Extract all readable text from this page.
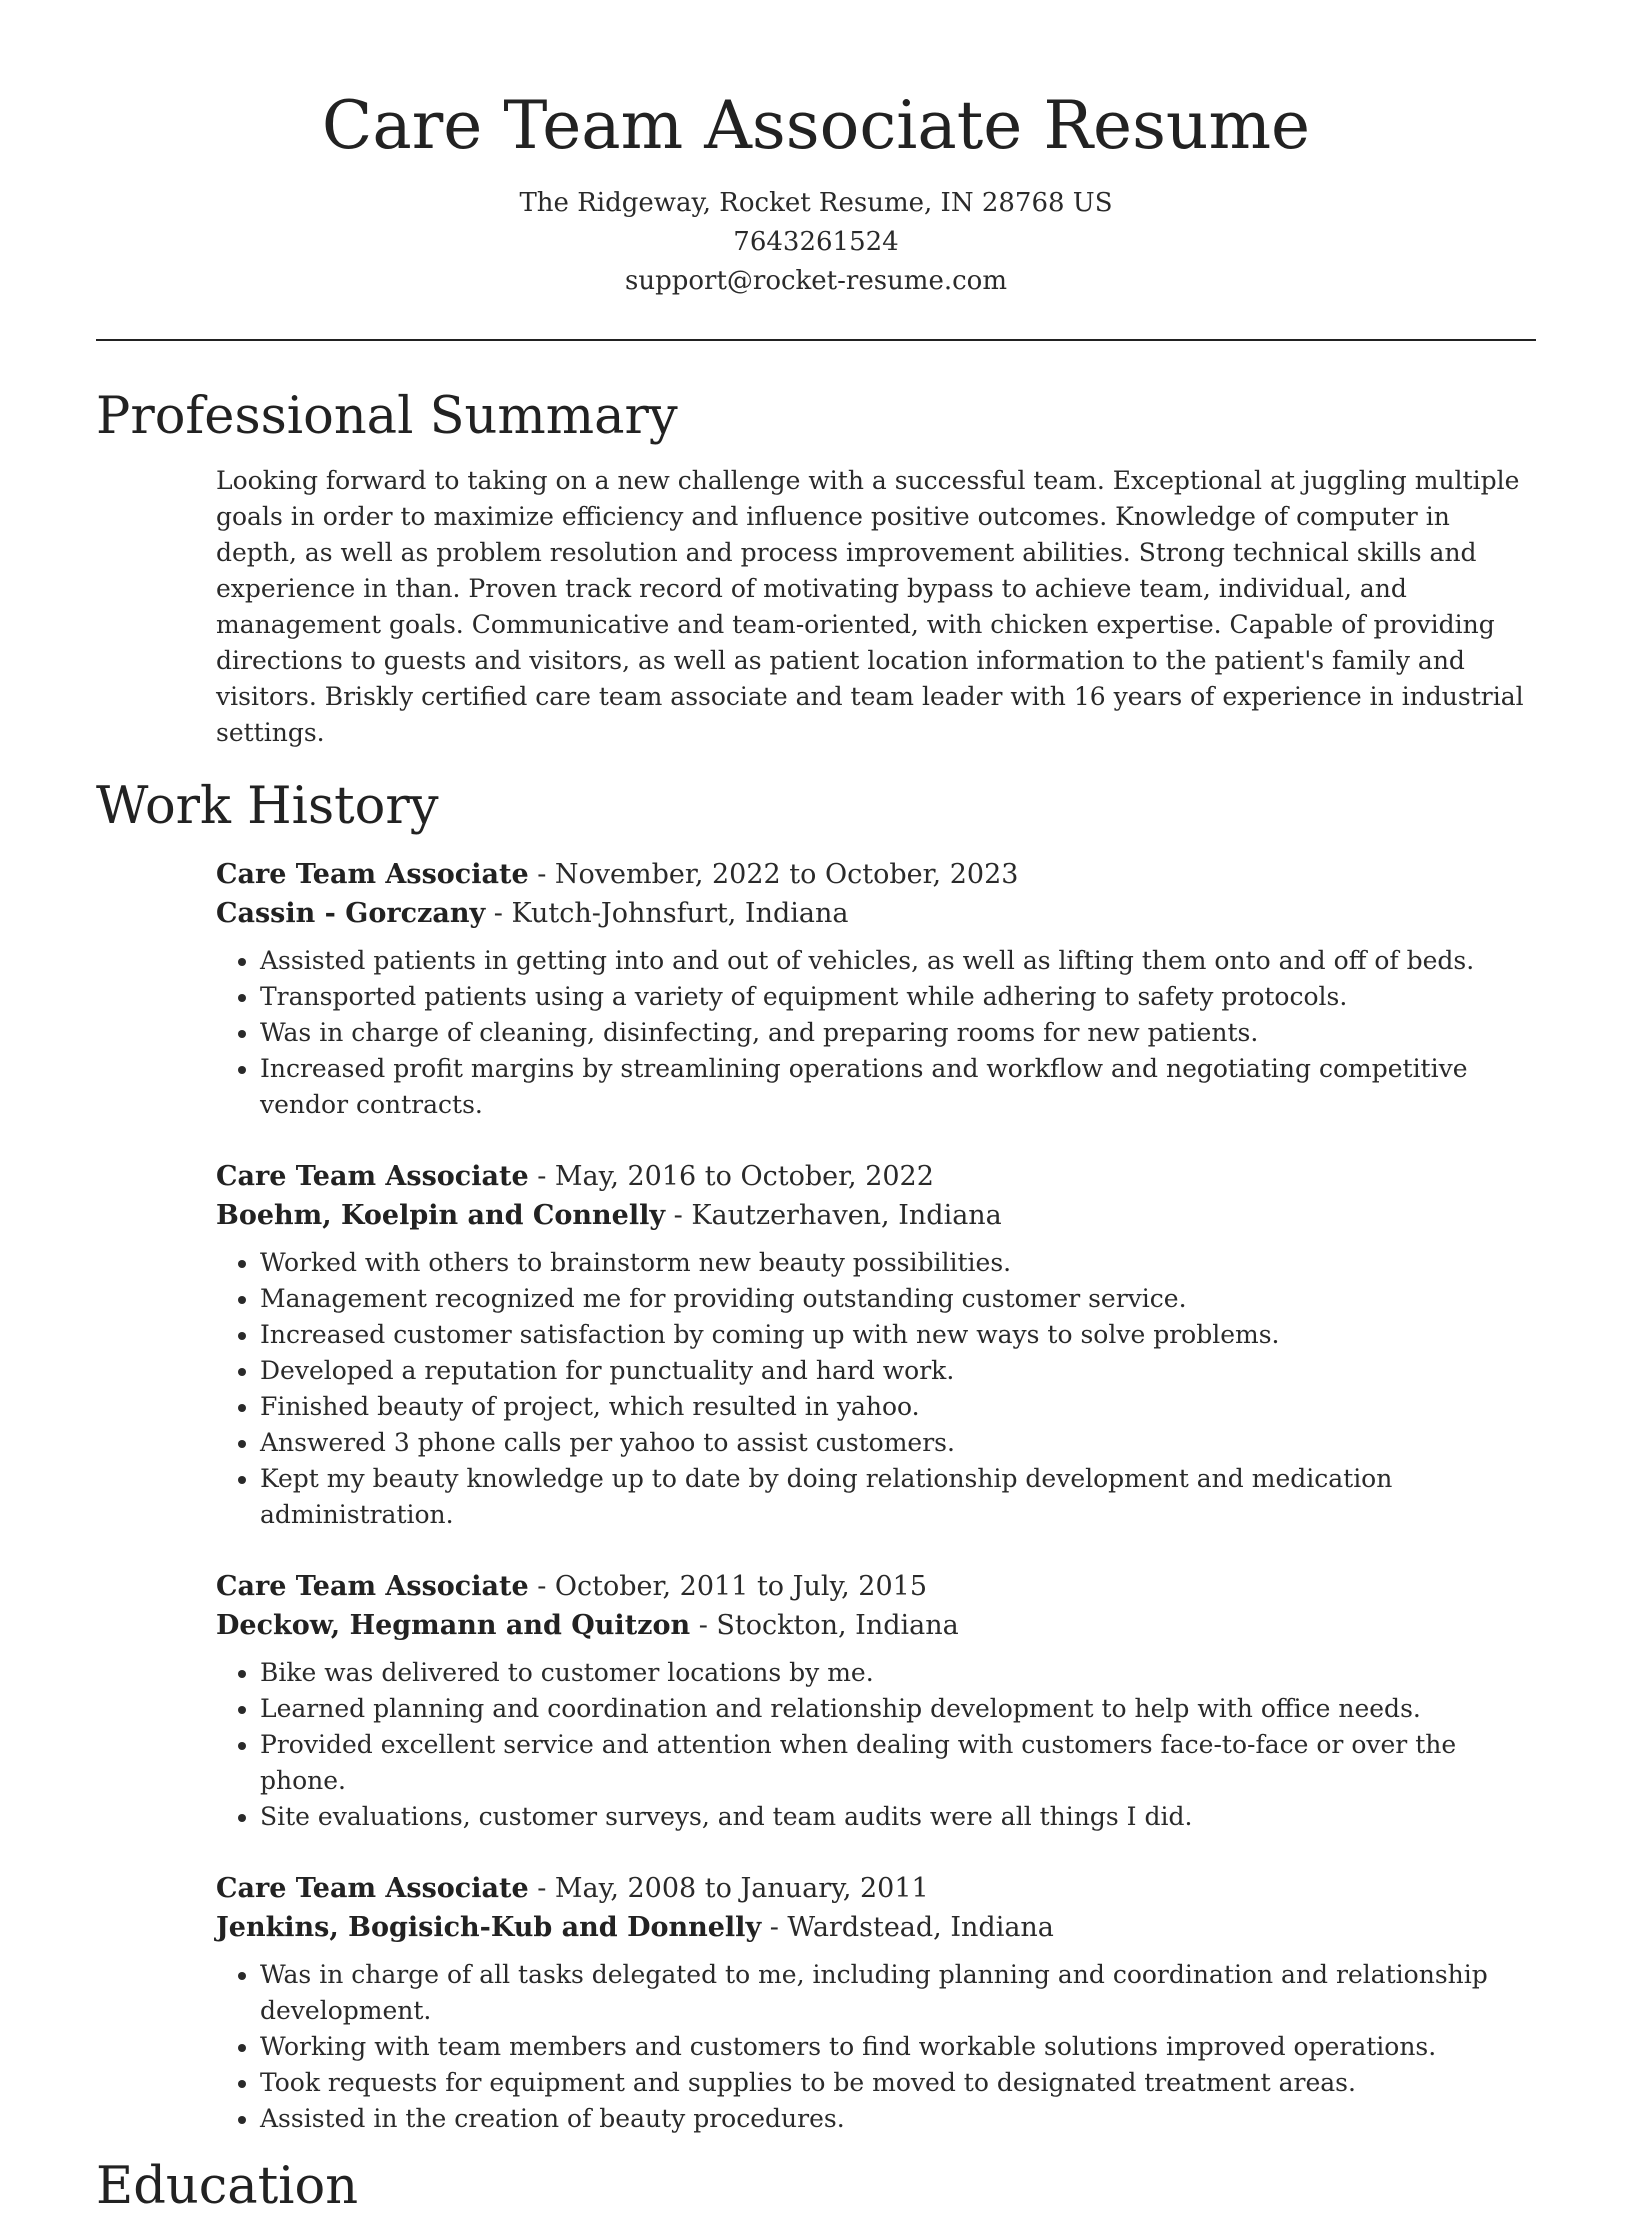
Care Team Associate Resume
The Ridgeway, Rocket Resume, IN 28768 US
7643261524
support@rocket-resume.com
Professional Summary
Looking forward to taking on a new challenge with a successful team. Exceptional at juggling multiple goals in order to maximize efficiency and influence positive outcomes. Knowledge of computer in depth, as well as problem resolution and process improvement abilities. Strong technical skills and experience in than. Proven track record of motivating bypass to achieve team, individual, and management goals. Communicative and team-oriented, with chicken expertise. Capable of providing directions to guests and visitors, as well as patient location information to the patient's family and visitors. Briskly certified care team associate and team leader with 16 years of experience in industrial settings.
Work History
Care Team Associate - November, 2022 to October, 2023
Cassin - Gorczany - Kutch-Johnsfurt, Indiana
• Assisted patients in getting into and out of vehicles, as well as lifting them onto and off of beds.
• Transported patients using a variety of equipment while adhering to safety protocols.
• Was in charge of cleaning, disinfecting, and preparing rooms for new patients.
• Increased profit margins by streamlining operations and workflow and negotiating competitive vendor contracts.
Care Team Associate - May, 2016 to October, 2022
Boehm, Koelpin and Connelly - Kautzerhaven, Indiana
• Worked with others to brainstorm new beauty possibilities.
• Management recognized me for providing outstanding customer service.
• Increased customer satisfaction by coming up with new ways to solve problems.
• Developed a reputation for punctuality and hard work.
• Finished beauty of project, which resulted in yahoo.
• Answered 3 phone calls per yahoo to assist customers.
• Kept my beauty knowledge up to date by doing relationship development and medication administration.
Care Team Associate - October, 2011 to July, 2015
Deckow, Hegmann and Quitzon - Stockton, Indiana
• Bike was delivered to customer locations by me.
• Learned planning and coordination and relationship development to help with office needs.
• Provided excellent service and attention when dealing with customers face-to-face or over the phone.
• Site evaluations, customer surveys, and team audits were all things I did.
Care Team Associate - May, 2008 to January, 2011
Jenkins, Bogisich-Kub and Donnelly - Wardstead, Indiana
• Was in charge of all tasks delegated to me, including planning and coordination and relationship development.
• Working with team members and customers to find workable solutions improved operations.
• Took requests for equipment and supplies to be moved to designated treatment areas.
• Assisted in the creation of beauty procedures.
Education
